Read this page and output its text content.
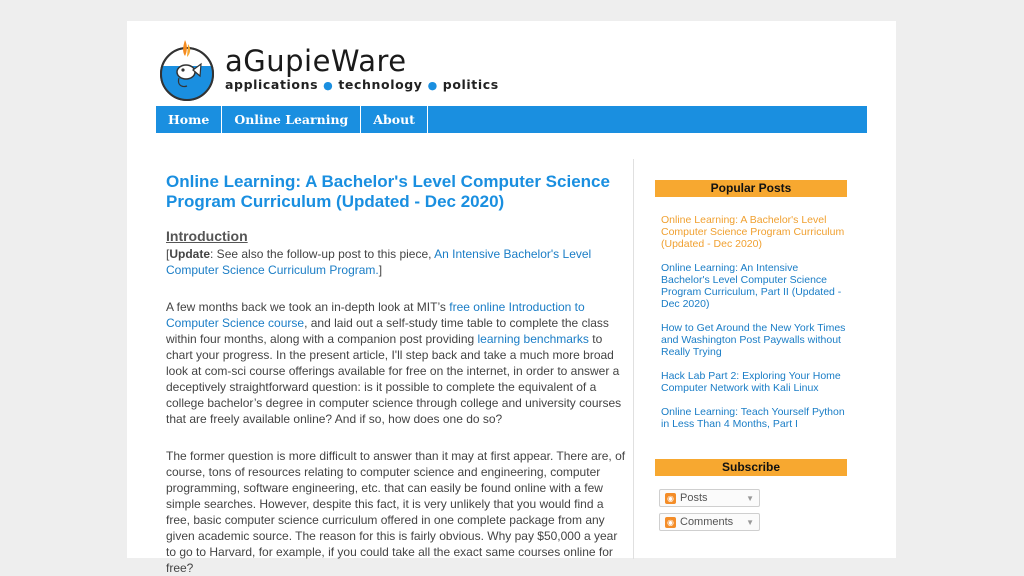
aGupieWare
applications ● technology ● politics
Home	Online Learning	About
Online Learning: A Bachelor's Level Computer Science Program Curriculum (Updated - Dec 2020)
Introduction

[Update: See also the follow-up post to this piece, An Intensive Bachelor's Level Computer Science Curriculum Program.]

A few months back we took an in-depth look at MIT’s free online Introduction to Computer Science course, and laid out a self-study time table to complete the class within four months, along with a companion post providing learning benchmarks to chart your progress. In the present article, I'll step back and take a much more broad look at com-sci course offerings available for free on the internet, in order to answer a deceptively straightforward question: is it possible to complete the equivalent of a college bachelor’s degree in computer science through college and university courses that are freely available online? And if so, how does one do so?

The former question is more difficult to answer than it may at first appear. There are, of course, tons of resources relating to computer science and engineering, computer programming, software engineering, etc. that can easily be found online with a few simple searches. However, despite this fact, it is very unlikely that you would find a free, basic computer science curriculum offered in one complete package from any given academic source. The reason for this is fairly obvious. Why pay $50,000 a year to go to Harvard, for example, if you could take all the exact same courses online for free?

Popular Posts
Online Learning: A Bachelor's Level Computer Science Program Curriculum (Updated - Dec 2020)
Online Learning: An Intensive Bachelor's Level Computer Science Program Curriculum, Part II (Updated - Dec 2020)
How to Get Around the New York Times and Washington Post Paywalls without Really Trying
Hack Lab Part 2: Exploring Your Home Computer Network with Kali Linux
Online Learning: Teach Yourself Python in Less Than 4 Months, Part I
Subscribe
◉ Posts	▼
◉ Comments	▼
